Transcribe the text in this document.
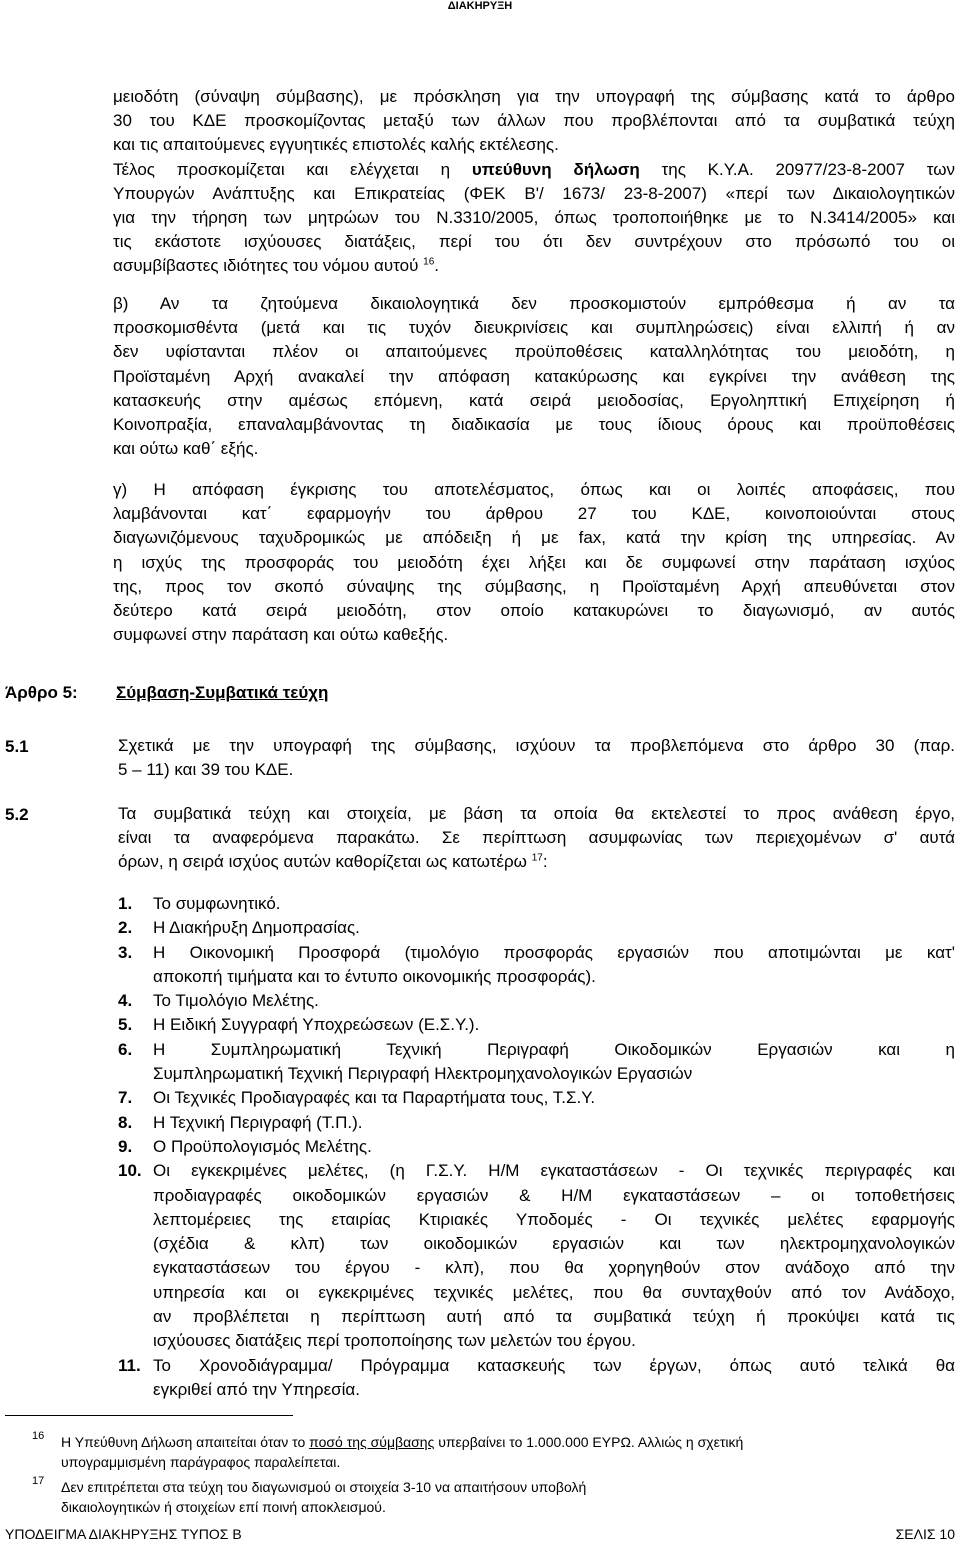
ΔΙΑΚΗΡΥΞΗ
μειοδότη (σύναψη σύμβασης), με πρόσκληση για την υπογραφή της σύμβασης κατά το άρθρο
30 του ΚΔΕ προσκομίζοντας μεταξύ των άλλων που προβλέπονται από τα συμβατικά τεύχη
και τις απαιτούμενες εγγυητικές επιστολές καλής εκτέλεσης.
Τέλος προσκομίζεται και ελέγχεται η υπεύθυνη δήλωση της Κ.Υ.Α. 20977/23-8-2007 των
Υπουργών Ανάπτυξης και Επικρατείας (ΦΕΚ Β'/ 1673/ 23-8-2007) «περί των Δικαιολογητικών
για την τήρηση των μητρώων του Ν.3310/2005, όπως τροποποιήθηκε με το Ν.3414/2005» και
τις εκάστοτε ισχύουσες διατάξεις, περί του ότι δεν συντρέχουν στο πρόσωπό του οι
ασυμβίβαστες ιδιότητες του νόμου αυτού $^{16}$.
β) Αν τα ζητούμενα δικαιολογητικά δεν προσκομιστούν εμπρόθεσμα ή αν τα
προσκομισθέντα (μετά και τις τυχόν διευκρινίσεις και συμπληρώσεις) είναι ελλιπή ή αν
δεν υφίστανται πλέον οι απαιτούμενες προϋποθέσεις καταλληλότητας του μειοδότη, η
Προϊσταμένη Αρχή ανακαλεί την απόφαση κατακύρωσης και εγκρίνει την ανάθεση της
κατασκευής στην αμέσως επόμενη, κατά σειρά μειοδοσίας, Εργοληπτική Επιχείρηση ή
Κοινοπραξία, επαναλαμβάνοντας τη διαδικασία με τους ίδιους όρους και προϋποθέσεις
και ούτω καθ΄ εξής.
γ) Η απόφαση έγκρισης του αποτελέσματος, όπως και οι λοιπές αποφάσεις, που
λαμβάνονται κατ΄ εφαρμογήν του άρθρου 27 του ΚΔΕ, κοινοποιούνται στους
διαγωνιζόμενους ταχυδρομικώς με απόδειξη ή με fax, κατά την κρίση της υπηρεσίας. Αν
η ισχύς της προσφοράς του μειοδότη έχει λήξει και δε συμφωνεί στην παράταση ισχύος
της, προς τον σκοπό σύναψης της σύμβασης, η Προϊσταμένη Αρχή απευθύνεται στον
δεύτερο κατά σειρά μειοδότη, στον οποίο κατακυρώνει το διαγωνισμό, αν αυτός
συμφωνεί στην παράταση και ούτω καθεξής.
Άρθρο 5: Σύμβαση-Συμβατικά τεύχη
5.1	Σχετικά με την υπογραφή της σύμβασης, ισχύουν τα προβλεπόμενα στο άρθρο 30 (παρ.
5 – 11) και 39 του ΚΔΕ.
5.2	Τα συμβατικά τεύχη και στοιχεία, με βάση τα οποία θα εκτελεστεί το προς ανάθεση έργο,
είναι τα αναφερόμενα παρακάτω. Σε περίπτωση ασυμφωνίας των περιεχομένων σ' αυτά
όρων, η σειρά ισχύος αυτών καθορίζεται ως κατωτέρω $^{17}$:
1. Το συμφωνητικό.
2. Η Διακήρυξη Δημοπρασίας.
3. Η Οικονομική Προσφορά (τιμολόγιο προσφοράς εργασιών που αποτιμώνται με κατ'
αποκοπή τιμήματα και το έντυπο οικονομικής προσφοράς).
4. Το Τιμολόγιο Μελέτης.
5. Η Ειδική Συγγραφή Υποχρεώσεων (Ε.Σ.Υ.).
6. Η Συμπληρωματική Τεχνική Περιγραφή Οικοδομικών Εργασιών και η
Συμπληρωματική Τεχνική Περιγραφή Ηλεκτρομηχανολογικών Εργασιών
7. Οι Τεχνικές Προδιαγραφές και τα Παραρτήματα τους, Τ.Σ.Υ.
8. Η Τεχνική Περιγραφή (Τ.Π.).
9. Ο Προϋπολογισμός Μελέτης.
10. Οι εγκεκριμένες μελέτες, (η Γ.Σ.Υ. Η/Μ εγκαταστάσεων - Οι τεχνικές περιγραφές και
προδιαγραφές οικοδομικών εργασιών & Η/Μ εγκαταστάσεων – οι τοποθετήσεις
λεπτομέρειες της εταιρίας Κτιριακές Υποδομές - Οι τεχνικές μελέτες εφαρμογής
(σχέδια & κλπ) των οικοδομικών εργασιών και των ηλεκτρομηχανολογικών
εγκαταστάσεων του έργου - κλπ), που θα χορηγηθούν στον ανάδοχο από την
υπηρεσία και οι εγκεκριμένες τεχνικές μελέτες, που θα συνταχθούν από τον Ανάδοχο,
αν προβλέπεται η περίπτωση αυτή από τα συμβατικά τεύχη ή προκύψει κατά τις
ισχύουσες διατάξεις περί τροποποίησης των μελετών του έργου.
11. Το Χρονοδιάγραμμα/ Πρόγραμμα κατασκευής των έργων, όπως αυτό τελικά θα
εγκριθεί από την Υπηρεσία.
16 Η Υπεύθυνη Δήλωση απαιτείται όταν το ποσό της σύμβασης υπερβαίνει το 1.000.000 ΕΥΡΩ. Αλλιώς η σχετική
υπογραμμισμένη παράγραφος παραλείπεται.
17 Δεν επιτρέπεται στα τεύχη του διαγωνισμού οι στοιχεία 3-10 να απαιτήσουν υποβολή
δικαιολογητικών ή στοιχείων επί ποινή αποκλεισμού.
ΥΠΟΔΕΙΓΜΑ ΔΙΑΚΗΡΥΞΗΣ ΤΥΠΟΣ Β	ΣΕΛΙΣ 10
